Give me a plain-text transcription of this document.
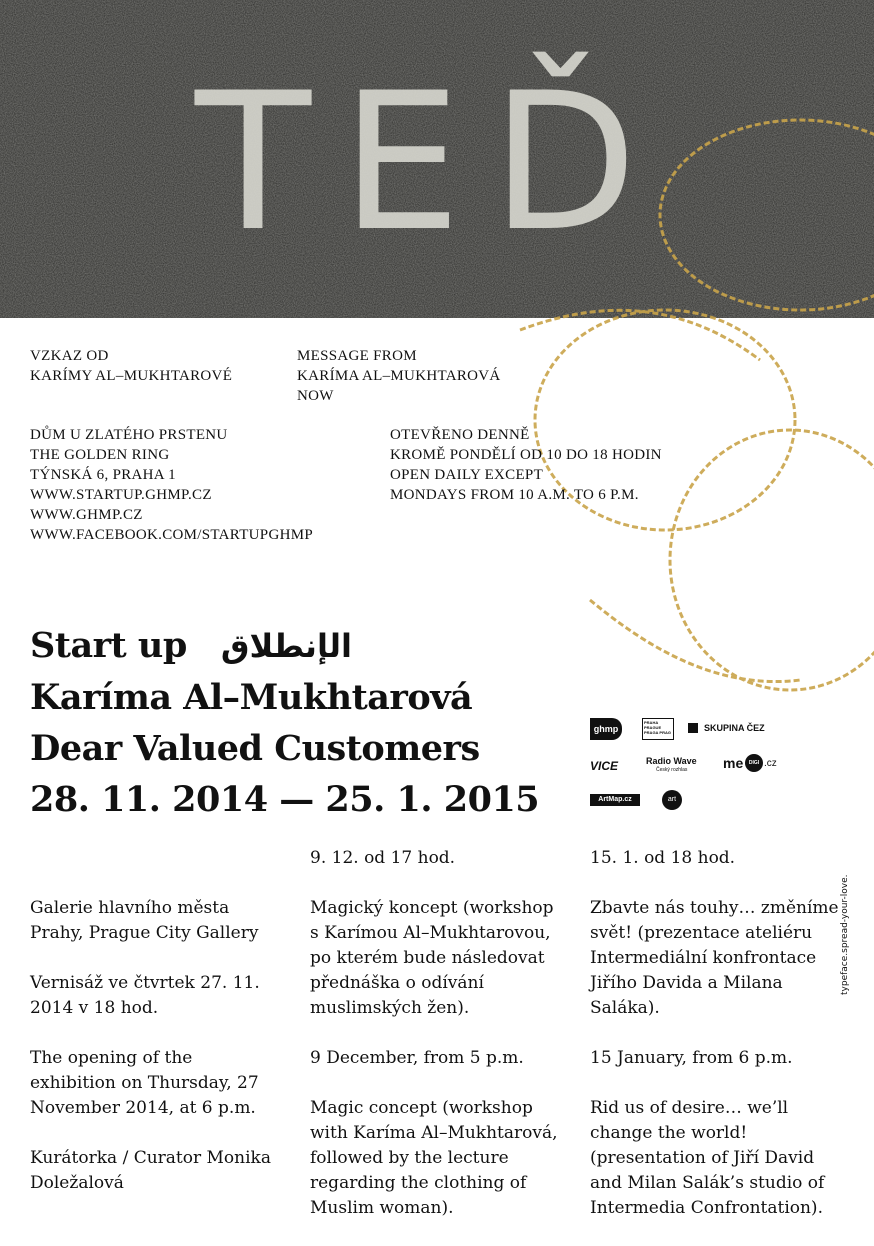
TEĎ
VZKAZ OD
KARÍMY AL–MUKHTAROVÉ
MESSAGE FROM
KARÍMA AL–MUKHTAROVÁ
NOW
DŮM U ZLATÉHO PRSTENU
THE GOLDEN RING
TÝNSKÁ 6, PRAHA 1
WWW.STARTUP.GHMP.CZ
WWW.GHMP.CZ
WWW.FACEBOOK.COM/STARTUPGHMP
OTEVŘENO DENNĚ
KROMĚ PONDĚLÍ OD 10 DO 18 HODIN
OPEN DAILY EXCEPT
MONDAYS FROM 10 A.M. TO 6 P.M.
Start up الإنطلاق
Karíma Al–Mukhtarová
Dear Valued Customers
28. 11. 2014 — 25. 1. 2015
ghmp
PRAHA PRAGUE PRAGA PRAG	SKUPINA ČEZ
VICE	Radio Wave
Český rozhlas	me	DIGI .cz
ArtMap.cz	art

Galerie hlavního města Prahy, Prague City Gallery

Vernisáž ve čtvrtek 27. 11. 2014 v 18 hod.

The opening of the exhibition on Thursday, 27 November 2014, at 6 p.m.

Kurátorka / Curator Monika Doležalová

9. 12. od 17 hod.

Magický koncept (workshop s Karímou Al–Mukhtarovou, po kterém bude následovat přednáška o odívání muslimských žen).

9 December, from 5 p.m.

Magic concept (workshop with Karíma Al–Mukhtarová, followed by the lecture regarding the clothing of Muslim woman).

15. 1. od 18 hod.

Zbavte nás touhy… změníme svět! (prezentace ateliéru Intermediální konfrontace Jiřího Davida a Milana Saláka).

15 January, from 6 p.m.

Rid us of desire… we’ll change the world! (presentation of Jiří David and Milan Salák’s studio of Intermedia Confrontation).

typeface.spread-your-love.
